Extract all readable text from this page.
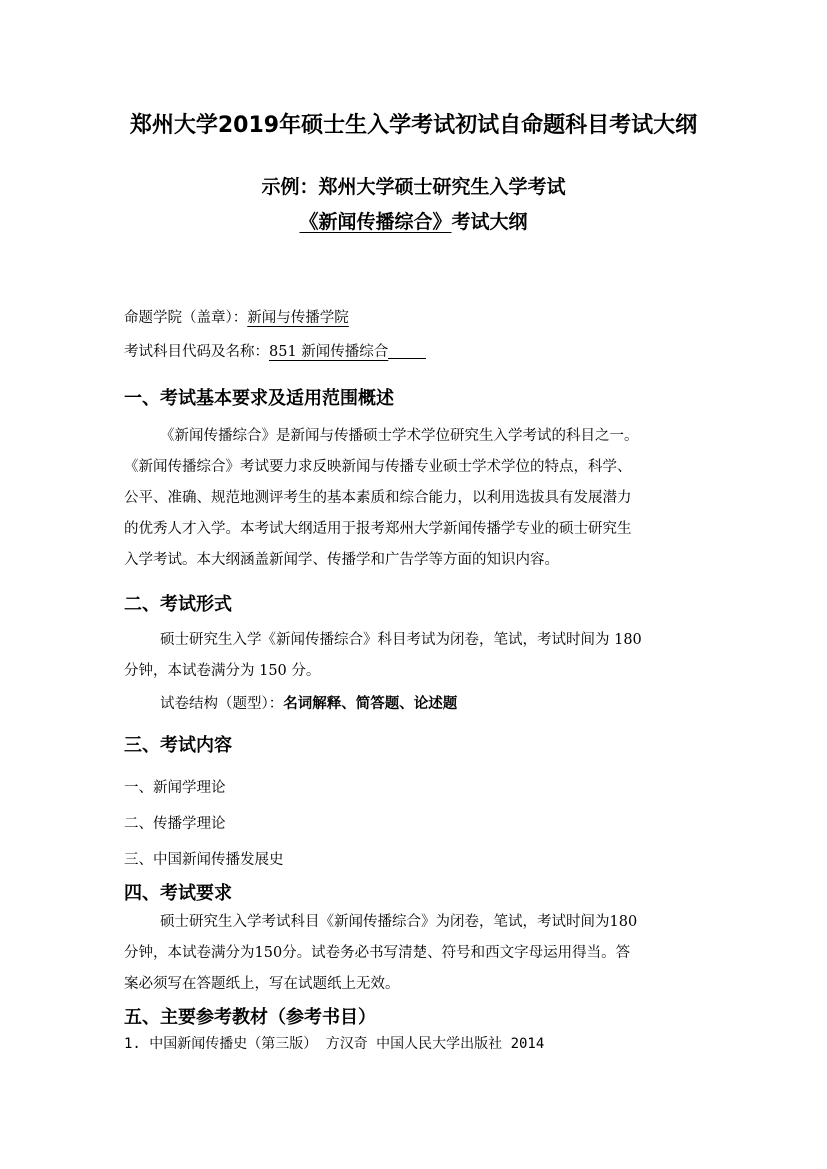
郑州大学2019年硕士生入学考试初试自命题科目考试大纲
示例：郑州大学硕士研究生入学考试
《新闻传播综合》考试大纲
命题学院（盖章）：新闻与传播学院
考试科目代码及名称：851 新闻传播综合
一、考试基本要求及适用范围概述
《新闻传播综合》是新闻与传播硕士学术学位研究生入学考试的科目之一。
《新闻传播综合》考试要力求反映新闻与传播专业硕士学术学位的特点，科学、
公平、准确、规范地测评考生的基本素质和综合能力，以利用选拔具有发展潜力
的优秀人才入学。本考试大纲适用于报考郑州大学新闻传播学专业的硕士研究生
入学考试。本大纲涵盖新闻学、传播学和广告学等方面的知识内容。
二、考试形式
硕士研究生入学《新闻传播综合》科目考试为闭卷，笔试，考试时间为 180
分钟，本试卷满分为 150 分。
试卷结构（题型）：名词解释、简答题、论述题
三、考试内容
一、新闻学理论
二、传播学理论
三、中国新闻传播发展史
四、考试要求
硕士研究生入学考试科目《新闻传播综合》为闭卷，笔试，考试时间为180
分钟，本试卷满分为150分。试卷务必书写清楚、符号和西文字母运用得当。答
案必须写在答题纸上，写在试题纸上无效。
五、主要参考教材（参考书目）
1. 中国新闻传播史（第三版） 方汉奇 中国人民大学出版社 2014
